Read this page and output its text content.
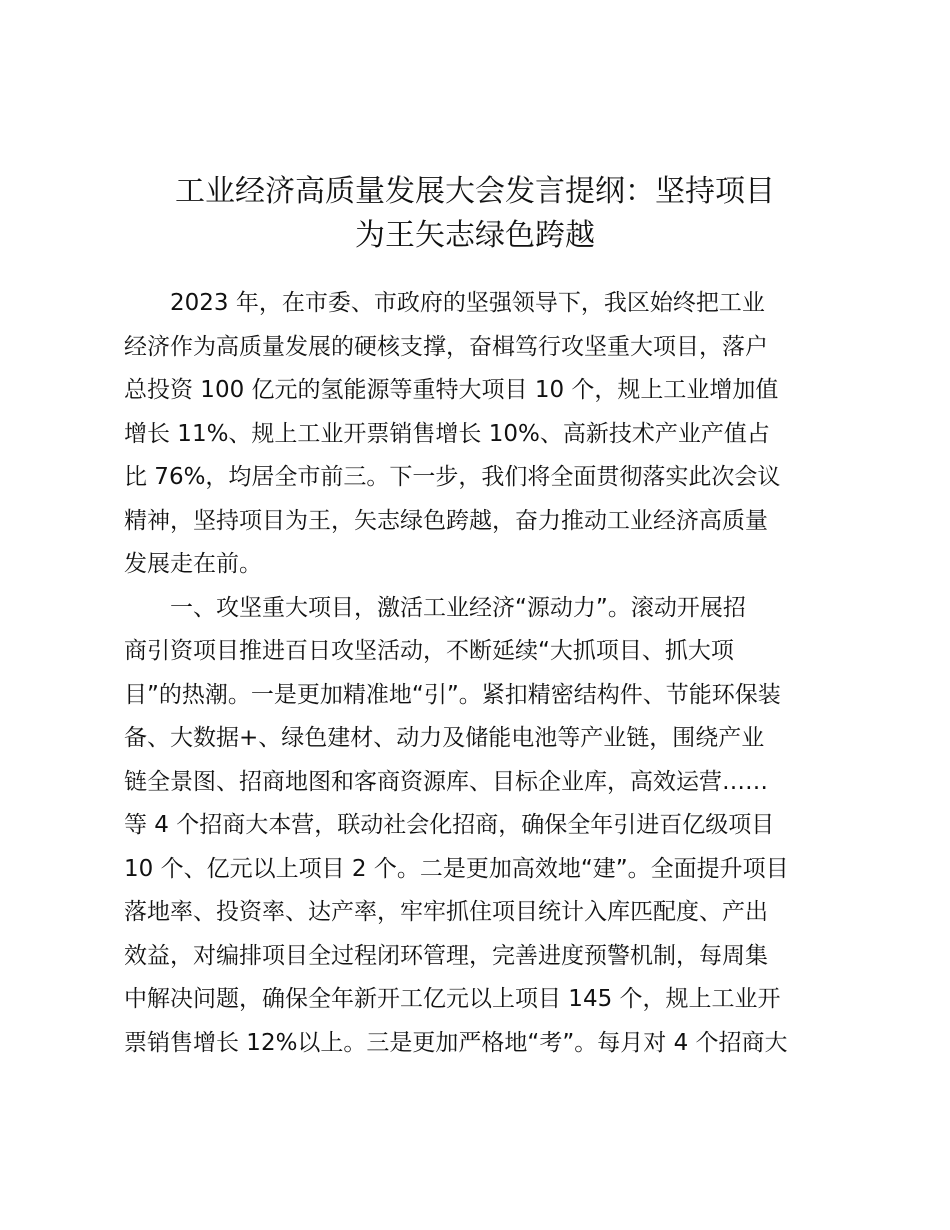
工业经济高质量发展大会发言提纲：坚持项目
为王矢志绿色跨越
　　2023 年，在市委、市政府的坚强领导下，我区始终把工业
经济作为高质量发展的硬核支撑，奋楫笃行攻坚重大项目，落户
总投资 100 亿元的氢能源等重特大项目 10 个，规上工业增加值
增长 11%、规上工业开票销售增长 10%、高新技术产业产值占
比 76%，均居全市前三。下一步，我们将全面贯彻落实此次会议
精神，坚持项目为王，矢志绿色跨越，奋力推动工业经济高质量
发展走在前。
　　一、攻坚重大项目，激活工业经济“源动力”。滚动开展招
商引资项目推进百日攻坚活动，不断延续“大抓项目、抓大项
目”的热潮。一是更加精准地“引”。紧扣精密结构件、节能环保装
备、大数据+、绿色建材、动力及储能电池等产业链，围绕产业
链全景图、招商地图和客商资源库、目标企业库，高效运营……
等 4 个招商大本营，联动社会化招商，确保全年引进百亿级项目
10 个、亿元以上项目 2 个。二是更加高效地“建”。全面提升项目
落地率、投资率、达产率，牢牢抓住项目统计入库匹配度、产出
效益，对编排项目全过程闭环管理，完善进度预警机制，每周集
中解决问题，确保全年新开工亿元以上项目 145 个，规上工业开
票销售增长 12%以上。三是更加严格地“考”。每月对 4 个招商大
